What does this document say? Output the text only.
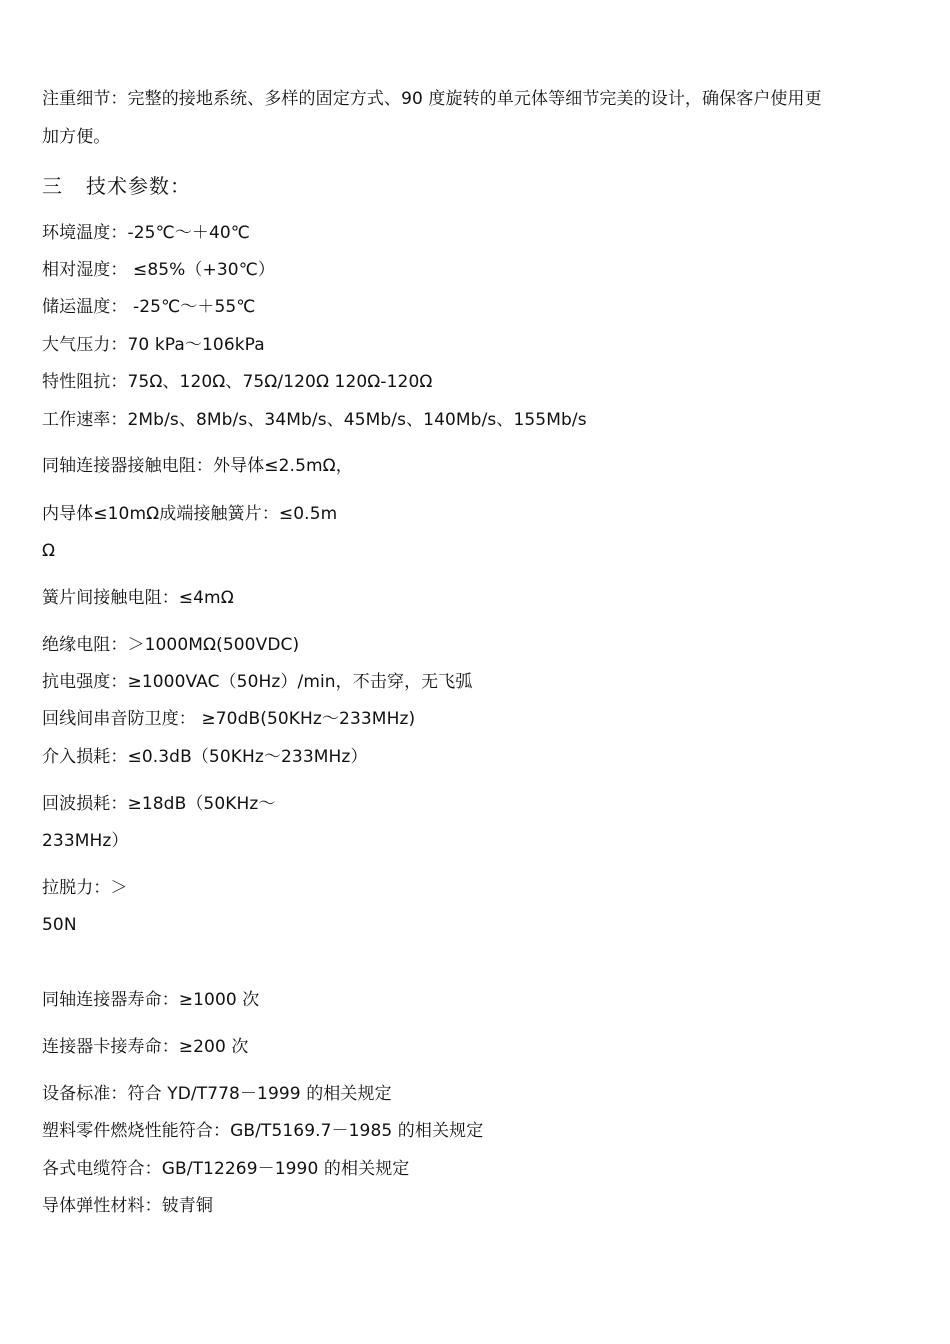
注重细节：完整的接地系统、多样的固定方式、90 度旋转的单元体等细节完美的设计，确保客户使用更
加方便。
三 技术参数：
环境温度：-25℃～＋40℃
相对湿度： ≤85%（+30℃）
储运温度： -25℃～＋55℃
大气压力：70 kPa～106kPa
特性阻抗：75Ω、120Ω、75Ω/120Ω 120Ω-120Ω
工作速率：2Mb/s、8Mb/s、34Mb/s、45Mb/s、140Mb/s、155Mb/s
同轴连接器接触电阻：外导体≤2.5mΩ，
内导体≤10mΩ成端接触簧片：≤0.5m
Ω
簧片间接触电阻：≤4mΩ
绝缘电阻：＞1000MΩ(500VDC)
抗电强度：≥1000VAC（50Hz）/min，不击穿，无飞弧
回线间串音防卫度： ≥70dB(50KHz～233MHz)
介入损耗：≤0.3dB（50KHz～233MHz）
回波损耗：≥18dB（50KHz～
233MHz）
拉脱力：＞
50N
同轴连接器寿命：≥1000 次
连接器卡接寿命：≥200 次
设备标准：符合 YD/T778－1999 的相关规定
塑料零件燃烧性能符合：GB/T5169.7－1985 的相关规定
各式电缆符合：GB/T12269－1990 的相关规定
导体弹性材料：铍青铜
